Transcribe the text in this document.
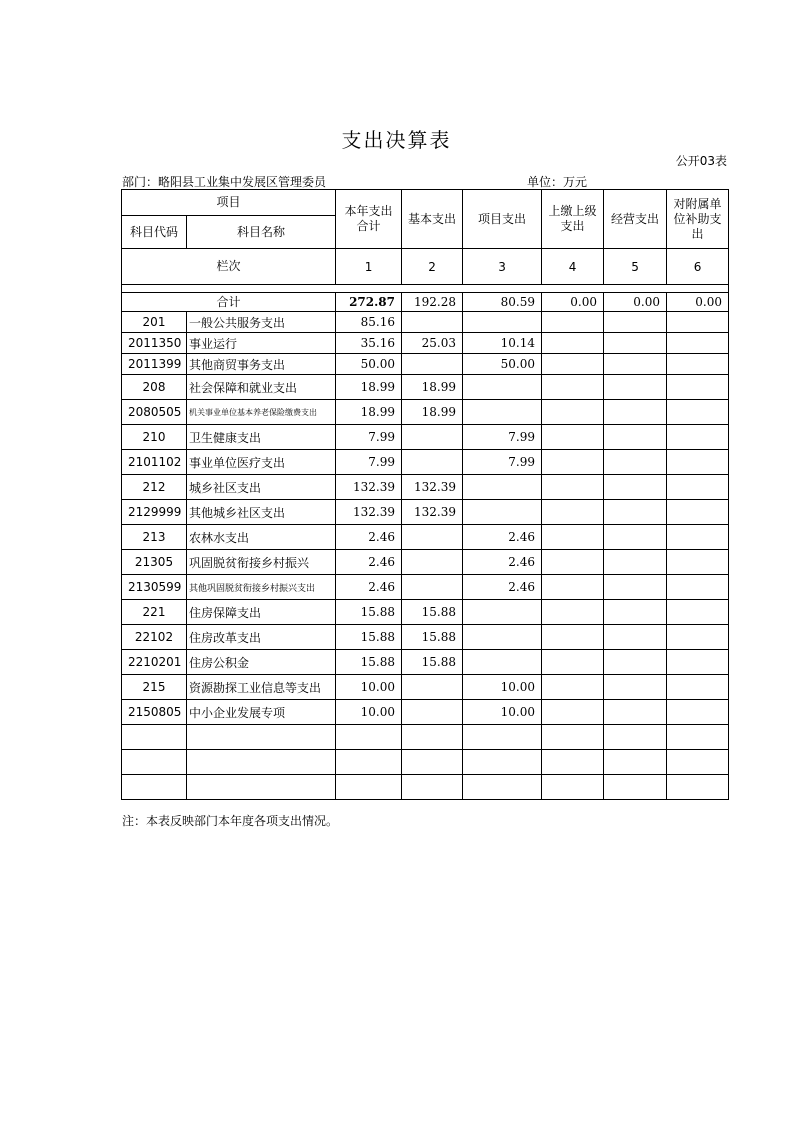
支出决算表
公开03表
部门：略阳县工业集中发展区管理委员	单位：万元
项目		本年支出合计	基本支出	项目支出	上缴上级支出	经营支出	对附属单位补助支出
科目代码	科目名称						
栏次		1	2	3	4	5	6

合计		272.87	192.28	80.59	0.00	0.00	0.00
201	一般公共服务支出	85.16					
2011350	事业运行	35.16	25.03	10.14			
2011399	其他商贸事务支出	50.00		50.00			
208	社会保障和就业支出	18.99	18.99				
2080505	机关事业单位基本养老保险缴费支出	18.99	18.99				
210	卫生健康支出	7.99		7.99			
2101102	事业单位医疗支出	7.99		7.99			
212	城乡社区支出	132.39	132.39				
2129999	其他城乡社区支出	132.39	132.39				
213	农林水支出	2.46		2.46			
21305	巩固脱贫衔接乡村振兴	2.46		2.46			
2130599	其他巩固脱贫衔接乡村振兴支出	2.46		2.46			
221	住房保障支出	15.88	15.88				
22102	住房改革支出	15.88	15.88				
2210201	住房公积金	15.88	15.88				
215	资源勘探工业信息等支出	10.00		10.00			
2150805	中小企业发展专项	10.00		10.00			

注：本表反映部门本年度各项支出情况。
